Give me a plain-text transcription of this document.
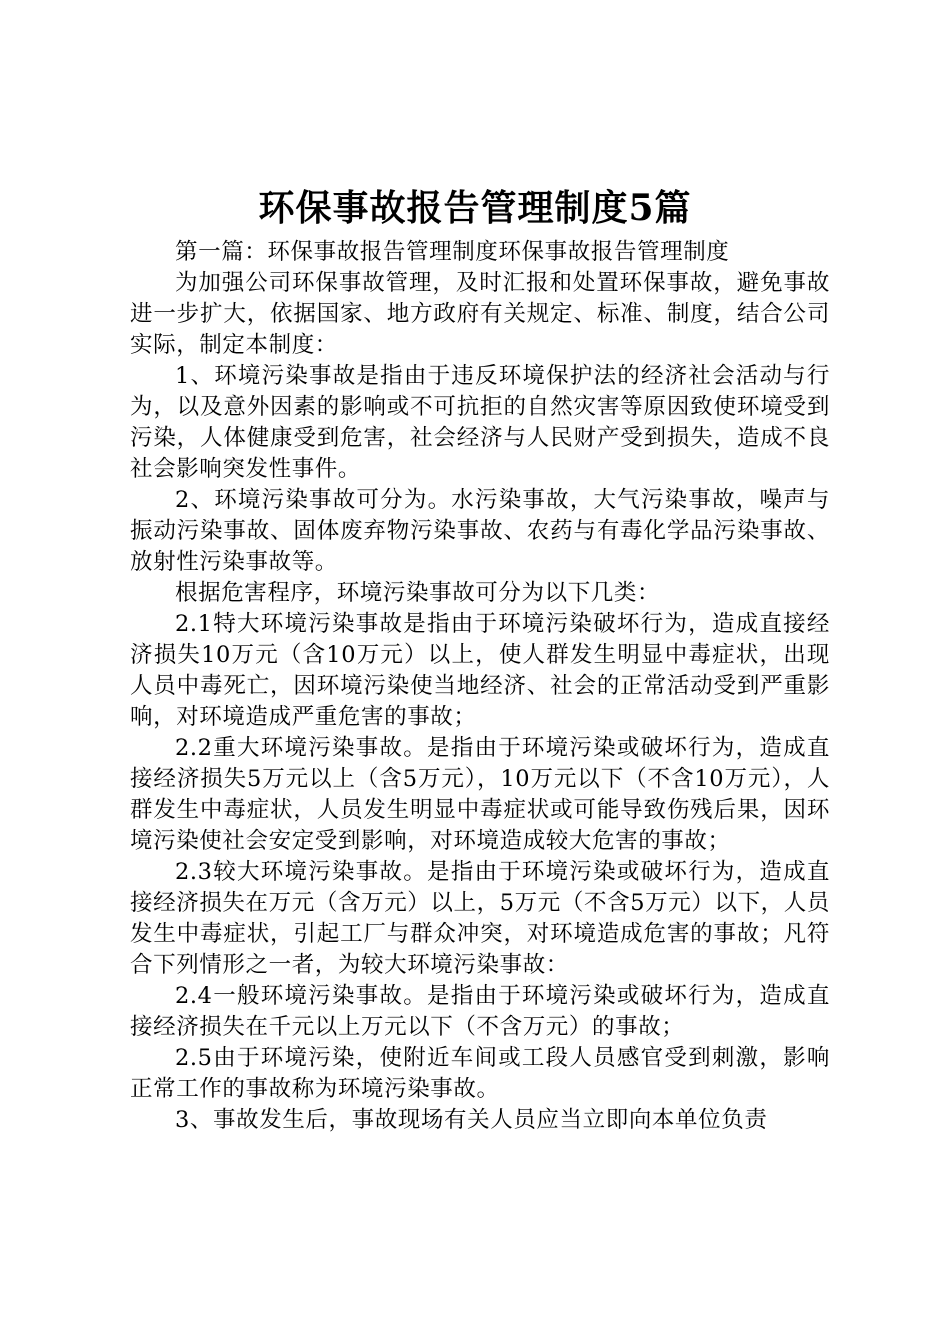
环保事故报告管理制度5篇

第一篇：环保事故报告管理制度环保事故报告管理制度

为加强公司环保事故管理，及时汇报和处置环保事故，避免事故进一步扩大，依据国家、地方政府有关规定、标准、制度，结合公司实际，制定本制度：

1、环境污染事故是指由于违反环境保护法的经济社会活动与行为，以及意外因素的影响或不可抗拒的自然灾害等原因致使环境受到污染，人体健康受到危害，社会经济与人民财产受到损失，造成不良社会影响突发性事件。

2、环境污染事故可分为。水污染事故，大气污染事故，噪声与振动污染事故、固体废弃物污染事故、农药与有毒化学品污染事故、放射性污染事故等。

根据危害程序，环境污染事故可分为以下几类：

2.1特大环境污染事故是指由于环境污染破坏行为，造成直接经济损失10万元（含10万元）以上，使人群发生明显中毒症状，出现人员中毒死亡，因环境污染使当地经济、社会的正常活动受到严重影响，对环境造成严重危害的事故；

2.2重大环境污染事故。是指由于环境污染或破坏行为，造成直接经济损失5万元以上（含5万元），10万元以下（不含10万元），人群发生中毒症状，人员发生明显中毒症状或可能导致伤残后果，因环境污染使社会安定受到影响，对环境造成较大危害的事故；

2.3较大环境污染事故。是指由于环境污染或破坏行为，造成直接经济损失在万元（含万元）以上，5万元（不含5万元）以下，人员发生中毒症状，引起工厂与群众冲突，对环境造成危害的事故；凡符合下列情形之一者，为较大环境污染事故：

2.4一般环境污染事故。是指由于环境污染或破坏行为，造成直接经济损失在千元以上万元以下（不含万元）的事故；

2.5由于环境污染，使附近车间或工段人员感官受到刺激，影响正常工作的事故称为环境污染事故。

3、事故发生后，事故现场有关人员应当立即向本单位负责
